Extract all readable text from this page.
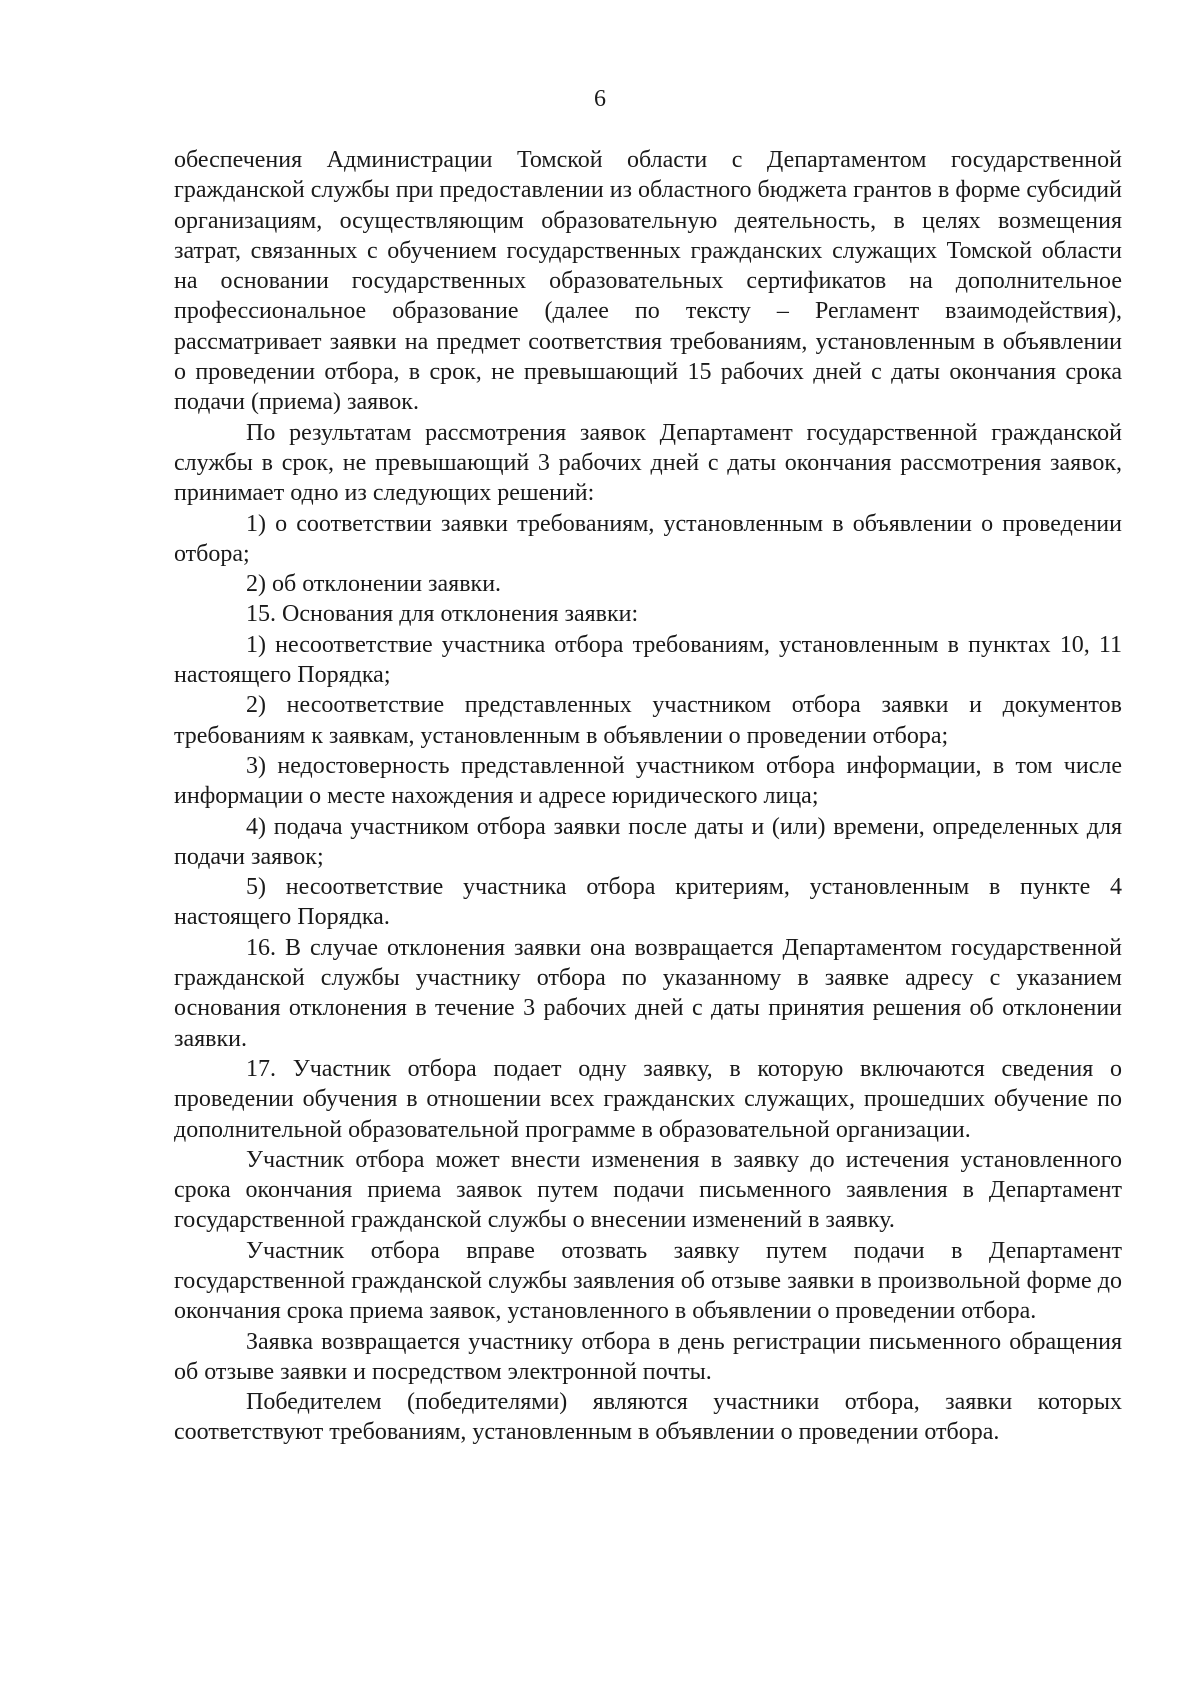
6

обеспечения Администрации Томской области с Департаментом государственной гражданской службы при предоставлении из областного бюджета грантов в форме субсидий организациям, осуществляющим образовательную деятельность, в целях возмещения затрат, связанных с обучением государственных гражданских служащих Томской области на основании государственных образовательных сертификатов на дополнительное профессиональное образование (далее по тексту – Регламент взаимодействия), рассматривает заявки на предмет соответствия требованиям, установленным в объявлении о проведении отбора, в срок, не превышающий 15 рабочих дней с даты окончания срока подачи (приема) заявок.

По результатам рассмотрения заявок Департамент государственной гражданской службы в срок, не превышающий 3 рабочих дней с даты окончания рассмотрения заявок, принимает одно из следующих решений:

1) о соответствии заявки требованиям, установленным в объявлении о проведении отбора;

2) об отклонении заявки.

15. Основания для отклонения заявки:

1) несоответствие участника отбора требованиям, установленным в пунктах 10, 11 настоящего Порядка;

2) несоответствие представленных участником отбора заявки и документов требованиям к заявкам, установленным в объявлении о проведении отбора;

3) недостоверность представленной участником отбора информации, в том числе информации о месте нахождения и адресе юридического лица;

4) подача участником отбора заявки после даты и (или) времени, определенных для подачи заявок;

5) несоответствие участника отбора критериям, установленным в пункте 4 настоящего Порядка.

16. В случае отклонения заявки она возвращается Департаментом государственной гражданской службы участнику отбора по указанному в заявке адресу с указанием основания отклонения в течение 3 рабочих дней с даты принятия решения об отклонении заявки.

17. Участник отбора подает одну заявку, в которую включаются сведения о проведении обучения в отношении всех гражданских служащих, прошедших обучение по дополнительной образовательной программе в образовательной организации.

Участник отбора может внести изменения в заявку до истечения установленного срока окончания приема заявок путем подачи письменного заявления в Департамент государственной гражданской службы о внесении изменений в заявку.

Участник отбора вправе отозвать заявку путем подачи в Департамент государственной гражданской службы заявления об отзыве заявки в произвольной форме до окончания срока приема заявок, установленного в объявлении о проведении отбора.

Заявка возвращается участнику отбора в день регистрации письменного обращения об отзыве заявки и посредством электронной почты.

Победителем (победителями) являются участники отбора, заявки которых соответствуют требованиям, установленным в объявлении о проведении отбора.
